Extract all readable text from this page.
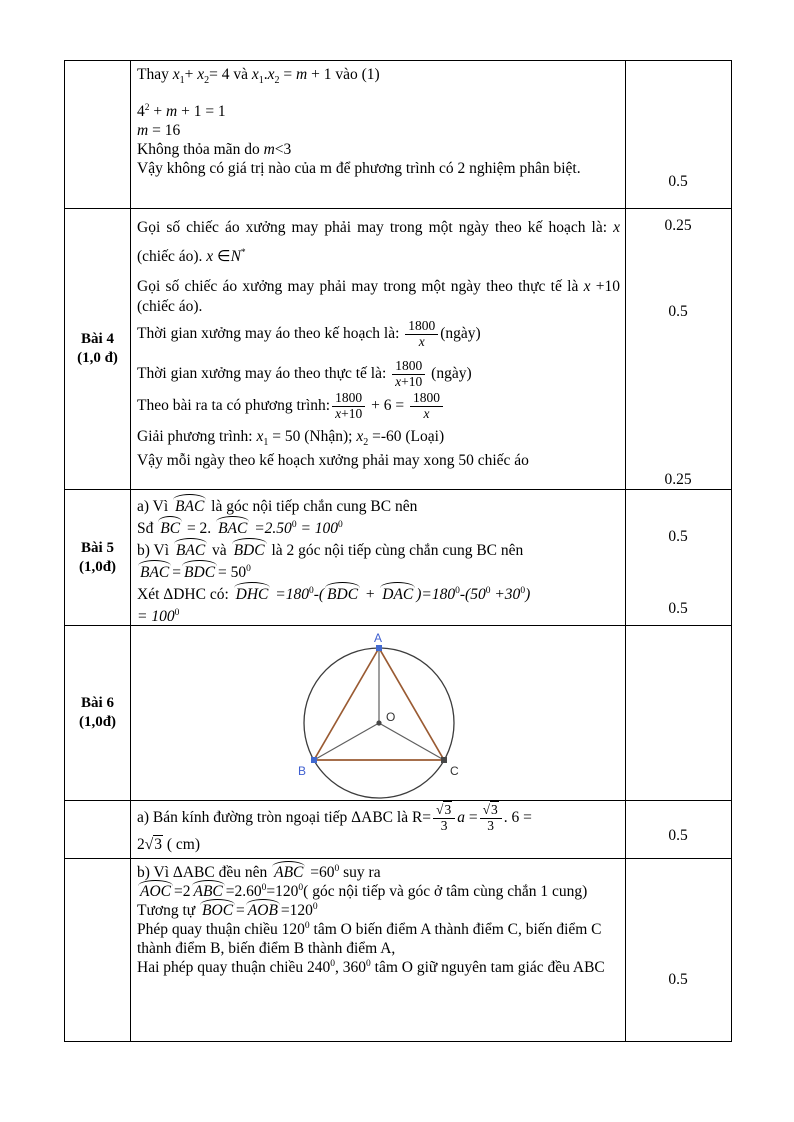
Thay $x_1+ x_2= 4$ và $x_1.x_2 = m + 1$ vào (1)
$4^2 + m + 1 = 1$
m = 16
Không thỏa mãn do m<3
Vậy không có giá trị nào của m để phương trình có 2 nghiệm phân biệt.
0.5
Bài 4
(1,0 đ)
Gọi số chiếc áo xưởng may phải may trong một ngày theo kế hoạch là: x (chiếc áo). x ∈N*
Gọi số chiếc áo xưởng may phải may trong một ngày theo thực tế là x +10 (chiếc áo).
Thời gian xưởng may áo theo kế hoạch là: $\frac{1800}{x}$ (ngày)
Thời gian xưởng may áo theo thực tế là: $\frac{1800}{x+10}$ (ngày)
Theo bài ra ta có phương trình: $\frac{1800}{x+10} + 6 = \frac{1800}{x}$
Giải phương trình: $x_1 = 50$ (Nhận); $x_2 =-60$ (Loại)
Vậy mỗi ngày theo kế hoạch xưởng phải may xong 50 chiếc áo
0.25
0.5
0.25
Bài 5
(1,0đ)
a) Vì BAC là góc nội tiếp chắn cung BC nên
Sđ BC = 2. BAC $=2.50^0 = 100^0$
b) Vì BAC và BDC là 2 góc nội tiếp cùng chắn cung BC nên
BAC = BDC = $50^0$
Xét ΔDHC có: DHC $=180^0-$( BDC + DAC )$=180^0-(50^0 +30^0)$
= $100^0$
0.5
0.5
Bài 6
(1,0đ)
A
B	C
O
a) Bán kính đường tròn ngoại tiếp ΔABC là $R= \frac{√3}{3}$ $a = \frac{√3}{3}$ . 6 =
2√3 ( cm)
0.5
b) Vì ΔABC đều nên ABC $=60^0$ suy ra
AOC =2 ABC $=2.60^0=120^0$( góc nội tiếp và góc ở tâm cùng chắn 1 cung)
Tương tự BOC = AOB $=120^0$
Phép quay thuận chiều $120^0$ tâm O biến điểm A thành điểm C, biến điểm C thành điểm B, biến điểm B thành điểm A,
Hai phép quay thuận chiều $240^0$, $360^0$ tâm O giữ nguyên tam giác đều ABC
0.5
